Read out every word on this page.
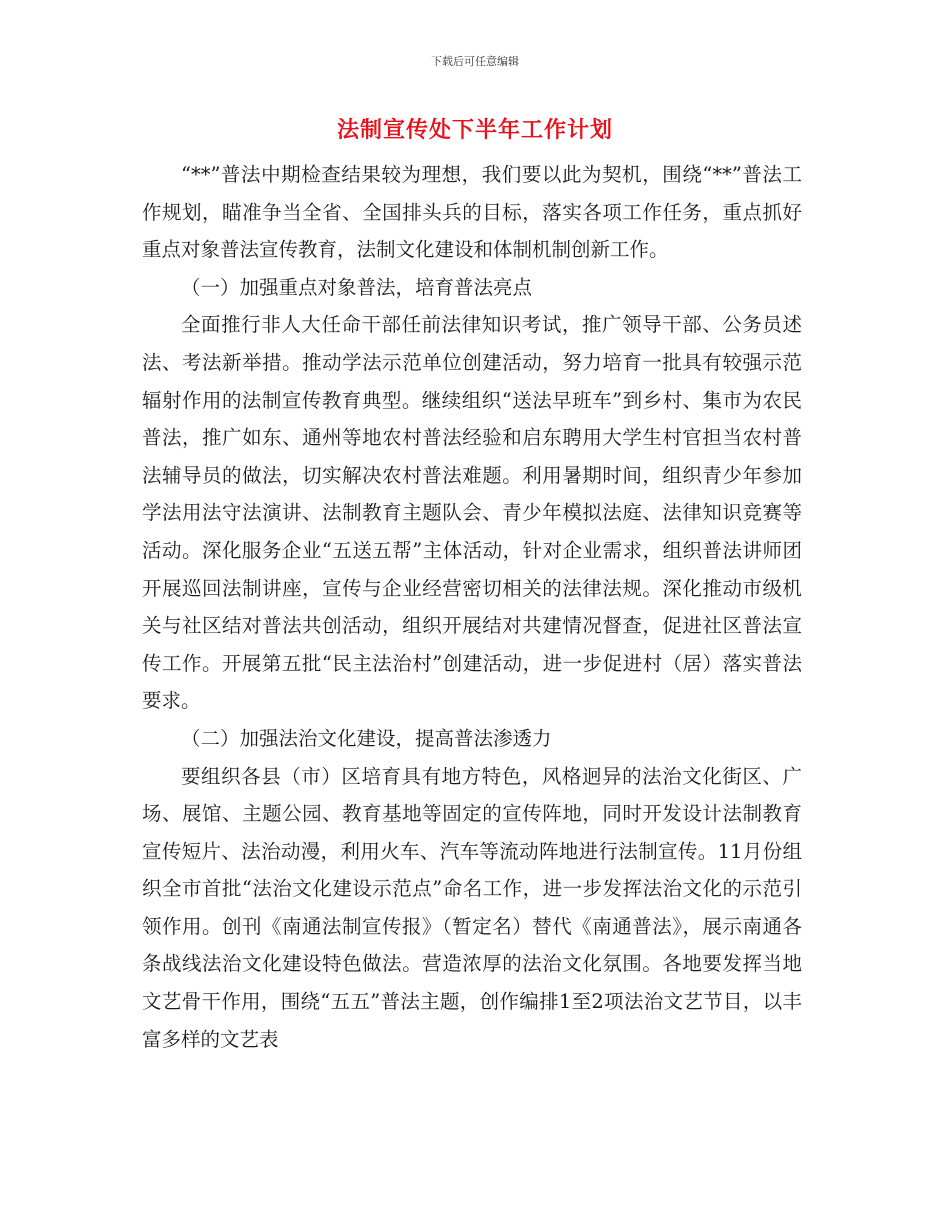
下载后可任意编辑
法制宣传处下半年工作计划

“**”普法中期检查结果较为理想，我们要以此为契机，围绕“**”普法工作规划，瞄准争当全省、全国排头兵的目标，落实各项工作任务，重点抓好重点对象普法宣传教育，法制文化建设和体制机制创新工作。

（一）加强重点对象普法，培育普法亮点

全面推行非人大任命干部任前法律知识考试，推广领导干部、公务员述法、考法新举措。推动学法示范单位创建活动，努力培育一批具有较强示范辐射作用的法制宣传教育典型。继续组织“送法早班车”到乡村、集市为农民普法，推广如东、通州等地农村普法经验和启东聘用大学生村官担当农村普法辅导员的做法，切实解决农村普法难题。利用暑期时间，组织青少年参加学法用法守法演讲、法制教育主题队会、青少年模拟法庭、法律知识竞赛等活动。深化服务企业“五送五帮”主体活动，针对企业需求，组织普法讲师团开展巡回法制讲座，宣传与企业经营密切相关的法律法规。深化推动市级机关与社区结对普法共创活动，组织开展结对共建情况督查，促进社区普法宣传工作。开展第五批“民主法治村”创建活动，进一步促进村（居）落实普法要求。

（二）加强法治文化建设，提高普法渗透力

要组织各县（市）区培育具有地方特色，风格迥异的法治文化街区、广场、展馆、主题公园、教育基地等固定的宣传阵地，同时开发设计法制教育宣传短片、法治动漫，利用火车、汽车等流动阵地进行法制宣传。11月份组织全市首批“法治文化建设示范点”命名工作，进一步发挥法治文化的示范引领作用。创刊《南通法制宣传报》（暂定名）替代《南通普法》，展示南通各条战线法治文化建设特色做法。营造浓厚的法治文化氛围。各地要发挥当地文艺骨干作用，围绕“五五”普法主题，创作编排1至2项法治文艺节目，以丰富多样的文艺表
